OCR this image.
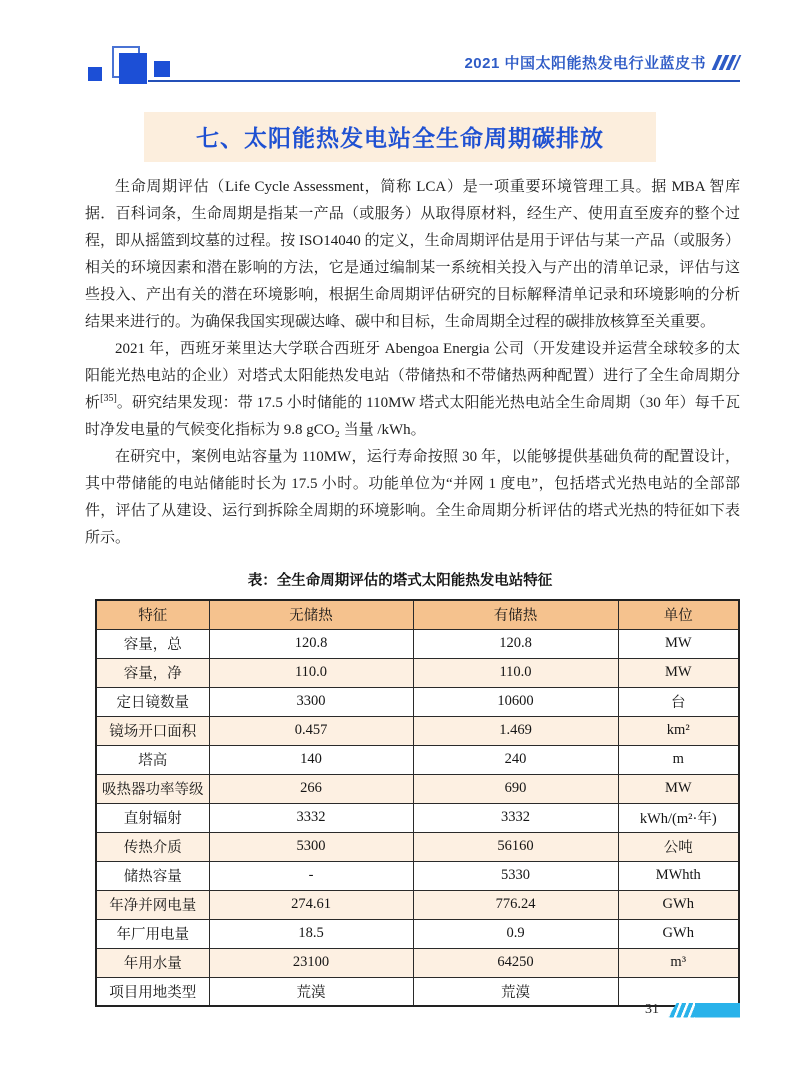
2021 中国太阳能热发电行业蓝皮书
七、太阳能热发电站全生命周期碳排放

生命周期评估（Life Cycle Assessment，简称 LCA）是一项重要环境管理工具。据 MBA 智库据．百科词条，生命周期是指某一产品（或服务）从取得原材料，经生产、使用直至废弃的整个过程，即从摇篮到坟墓的过程。按 ISO14040 的定义，生命周期评估是用于评估与某一产品（或服务）相关的环境因素和潜在影响的方法，它是通过编制某一系统相关投入与产出的清单记录，评估与这些投入、产出有关的潜在环境影响，根据生命周期评估研究的目标解释清单记录和环境影响的分析结果来进行的。为确保我国实现碳达峰、碳中和目标，生命周期全过程的碳排放核算至关重要。

2021 年，西班牙莱里达大学联合西班牙 Abengoa Energia 公司（开发建设并运营全球较多的太阳能光热电站的企业）对塔式太阳能热发电站（带储热和不带储热两种配置）进行了全生命周期分析[35]。研究结果发现：带 17.5 小时储能的 110MW 塔式太阳能光热电站全生命周期（30 年）每千瓦时净发电量的气候变化指标为 9.8 gCO₂ 当量 /kWh。

在研究中，案例电站容量为 110MW，运行寿命按照 30 年，以能够提供基础负荷的配置设计，其中带储能的电站储能时长为 17.5 小时。功能单位为“并网 1 度电”，包括塔式光热电站的全部部件，评估了从建设、运行到拆除全周期的环境影响。全生命周期分析评估的塔式光热的特征如下表所示。

表：全生命周期评估的塔式太阳能热发电站特征
特征	无储热	有储热	单位
容量，总	120.8	120.8	MW
容量，净	110.0	110.0	MW
定日镜数量	3300	10600	台
镜场开口面积	0.457	1.469	km²
塔高	140	240	m
吸热器功率等级	266	690	MW
直射辐射	3332	3332	kWh/(m²·年)
传热介质	5300	56160	公吨
储热容量	-	5330	MWhth
年净并网电量	274.61	776.24	GWh
年厂用电量	18.5	0.9	GWh
年用水量	23100	64250	m³
项目用地类型	荒漠	荒漠	
31
